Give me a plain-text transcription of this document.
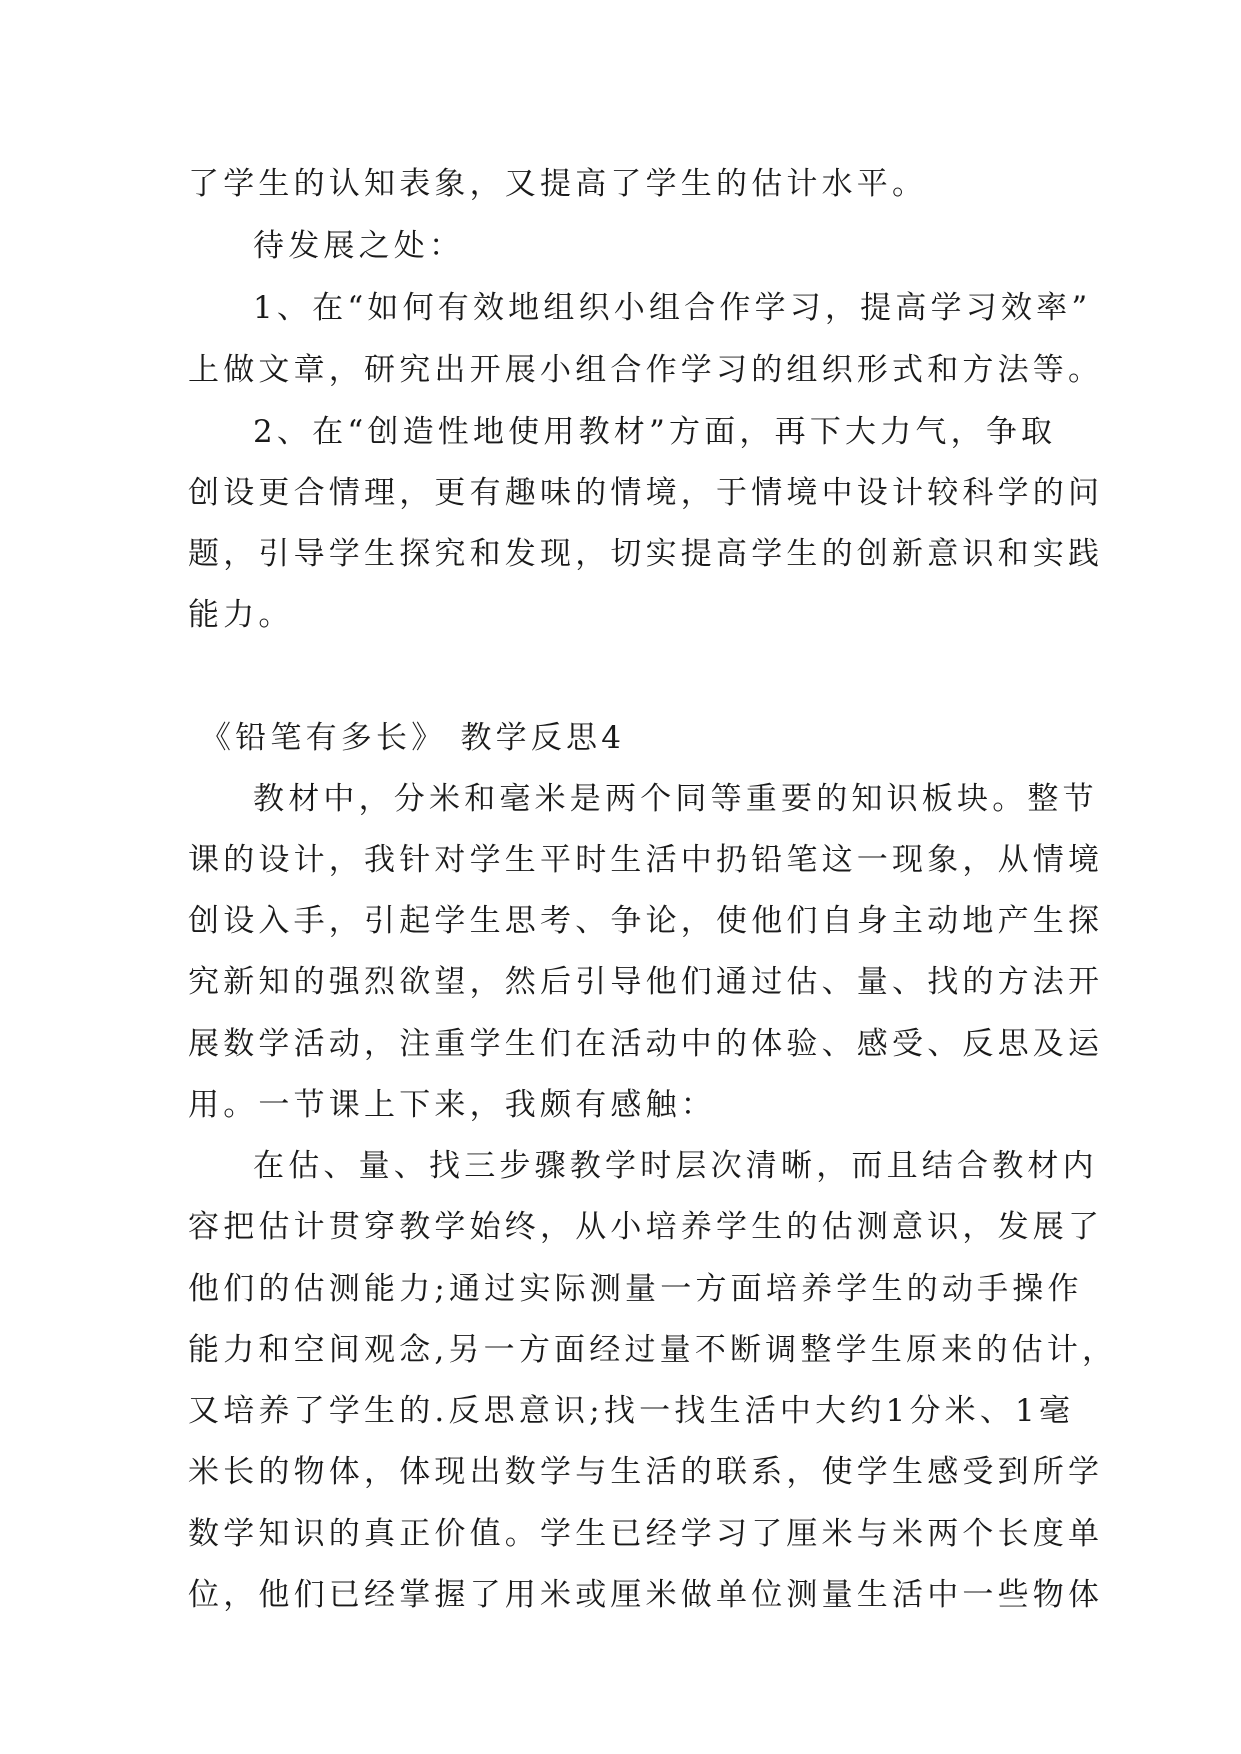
了学生的认知表象，又提高了学生的估计水平。
待发展之处：
1、在“如何有效地组织小组合作学习，提高学习效率”
上做文章，研究出开展小组合作学习的组织形式和方法等。
2、在“创造性地使用教材”方面，再下大力气，争取
创设更合情理，更有趣味的情境，于情境中设计较科学的问
题，引导学生探究和发现，切实提高学生的创新意识和实践
能力。
《铅笔有多长》 教学反思4
教材中，分米和毫米是两个同等重要的知识板块。整节
课的设计，我针对学生平时生活中扔铅笔这一现象，从情境
创设入手，引起学生思考、争论，使他们自身主动地产生探
究新知的强烈欲望，然后引导他们通过估、量、找的方法开
展数学活动，注重学生们在活动中的体验、感受、反思及运
用。一节课上下来，我颇有感触：
在估、量、找三步骤教学时层次清晰，而且结合教材内
容把估计贯穿教学始终，从小培养学生的估测意识，发展了
他们的估测能力;通过实际测量一方面培养学生的动手操作
能力和空间观念,另一方面经过量不断调整学生原来的估计，
又培养了学生的.反思意识;找一找生活中大约1分米、1毫
米长的物体，体现出数学与生活的联系，使学生感受到所学
数学知识的真正价值。学生已经学习了厘米与米两个长度单
位，他们已经掌握了用米或厘米做单位测量生活中一些物体
